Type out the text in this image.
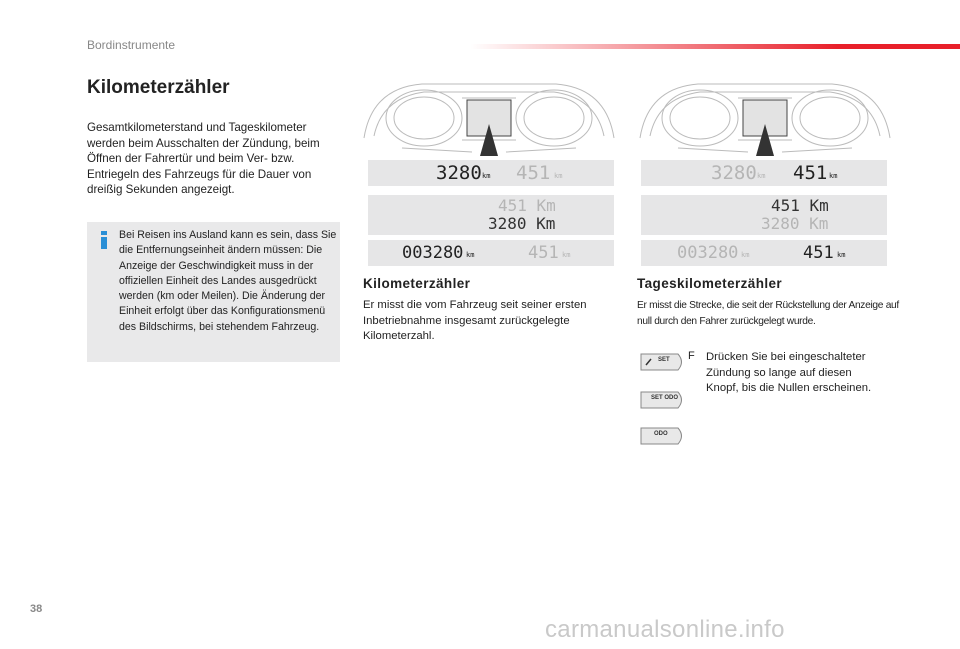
Bordinstrumente
Kilometerzähler
Gesamtkilometerstand und Tageskilometer werden beim Ausschalten der Zündung, beim Öffnen der Fahrertür und beim Ver- bzw. Entriegeln des Fahrzeugs für die Dauer von dreißig Sekunden angezeigt.
Bei Reisen ins Ausland kann es sein, dass Sie die Entfernungseinheit ändern müssen: Die Anzeige der Geschwindigkeit muss in der offiziellen Einheit des Landes ausgedrückt werden (km oder Meilen). Die Änderung der Einheit erfolgt über das Konfigurationsmenü des Bildschirms, bei stehendem Fahrzeug.
3280 km 451 km
451 Km
3280 Km
003280 km	451 km
3280 km 451 km
451 Km
3280 Km
003280 km	451 km
Kilometerzähler
Er misst die vom Fahrzeug seit seiner ersten Inbetriebnahme insgesamt zurückgelegte Kilometerzahl.
Tageskilometerzähler
Er misst die Strecke, die seit der Rückstellung der Anzeige auf null durch den Fahrer zurückgelegt wurde.
SET
SET ODO
ODO
F Drücken Sie bei eingeschalteter Zündung so lange auf diesen Knopf, bis die Nullen erscheinen.
38
carmanualsonline.info
